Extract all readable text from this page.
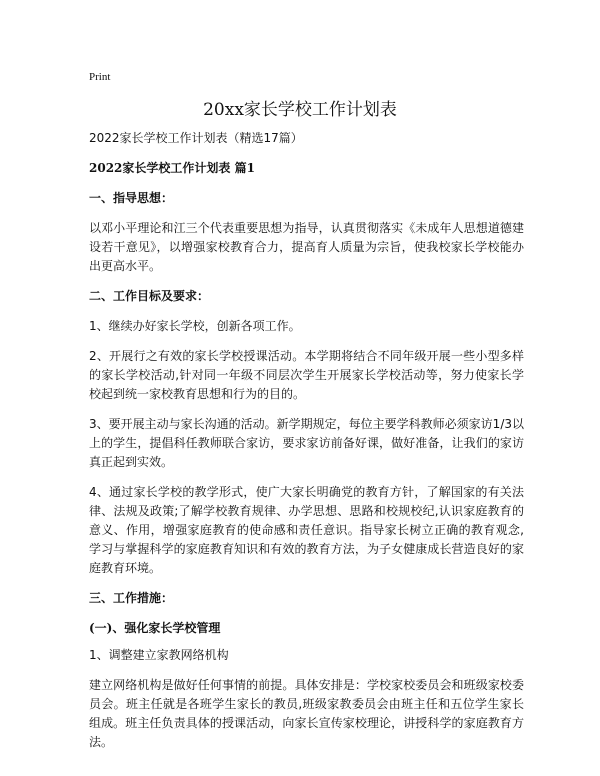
Print
20xx家长学校工作计划表

2022家长学校工作计划表（精选17篇）

2022家长学校工作计划表 篇1

一、指导思想：

以邓小平理论和江三个代表重要思想为指导，认真贯彻落实《未成年人思想道德建设若干意见》，以增强家校教育合力，提高育人质量为宗旨，使我校家长学校能办出更高水平。

二、工作目标及要求：

1、继续办好家长学校，创新各项工作。

2、开展行之有效的家长学校授课活动。本学期将结合不同年级开展一些小型多样的家长学校活动,针对同一年级不同层次学生开展家长学校活动等，努力使家长学校起到统一家校教育思想和行为的目的。

3、要开展主动与家长沟通的活动。新学期规定，每位主要学科教师必须家访1/3以上的学生，提倡科任教师联合家访，要求家访前备好课，做好准备，让我们的家访真正起到实效。

4、通过家长学校的教学形式，使广大家长明确党的教育方针，了解国家的有关法律、法规及政策;了解学校教育规律、办学思想、思路和校规校纪,认识家庭教育的意义、作用，增强家庭教育的使命感和责任意识。指导家长树立正确的教育观念,学习与掌握科学的家庭教育知识和有效的教育方法，为子女健康成长营造良好的家庭教育环境。

三、工作措施：

(一)、强化家长学校管理

1、调整建立家教网络机构

建立网络机构是做好任何事情的前提。具体安排是：学校家校委员会和班级家校委员会。班主任就是各班学生家长的教员,班级家教委员会由班主任和五位学生家长组成。班主任负责具体的授课活动，向家长宣传家校理论，讲授科学的家庭教育方法。
